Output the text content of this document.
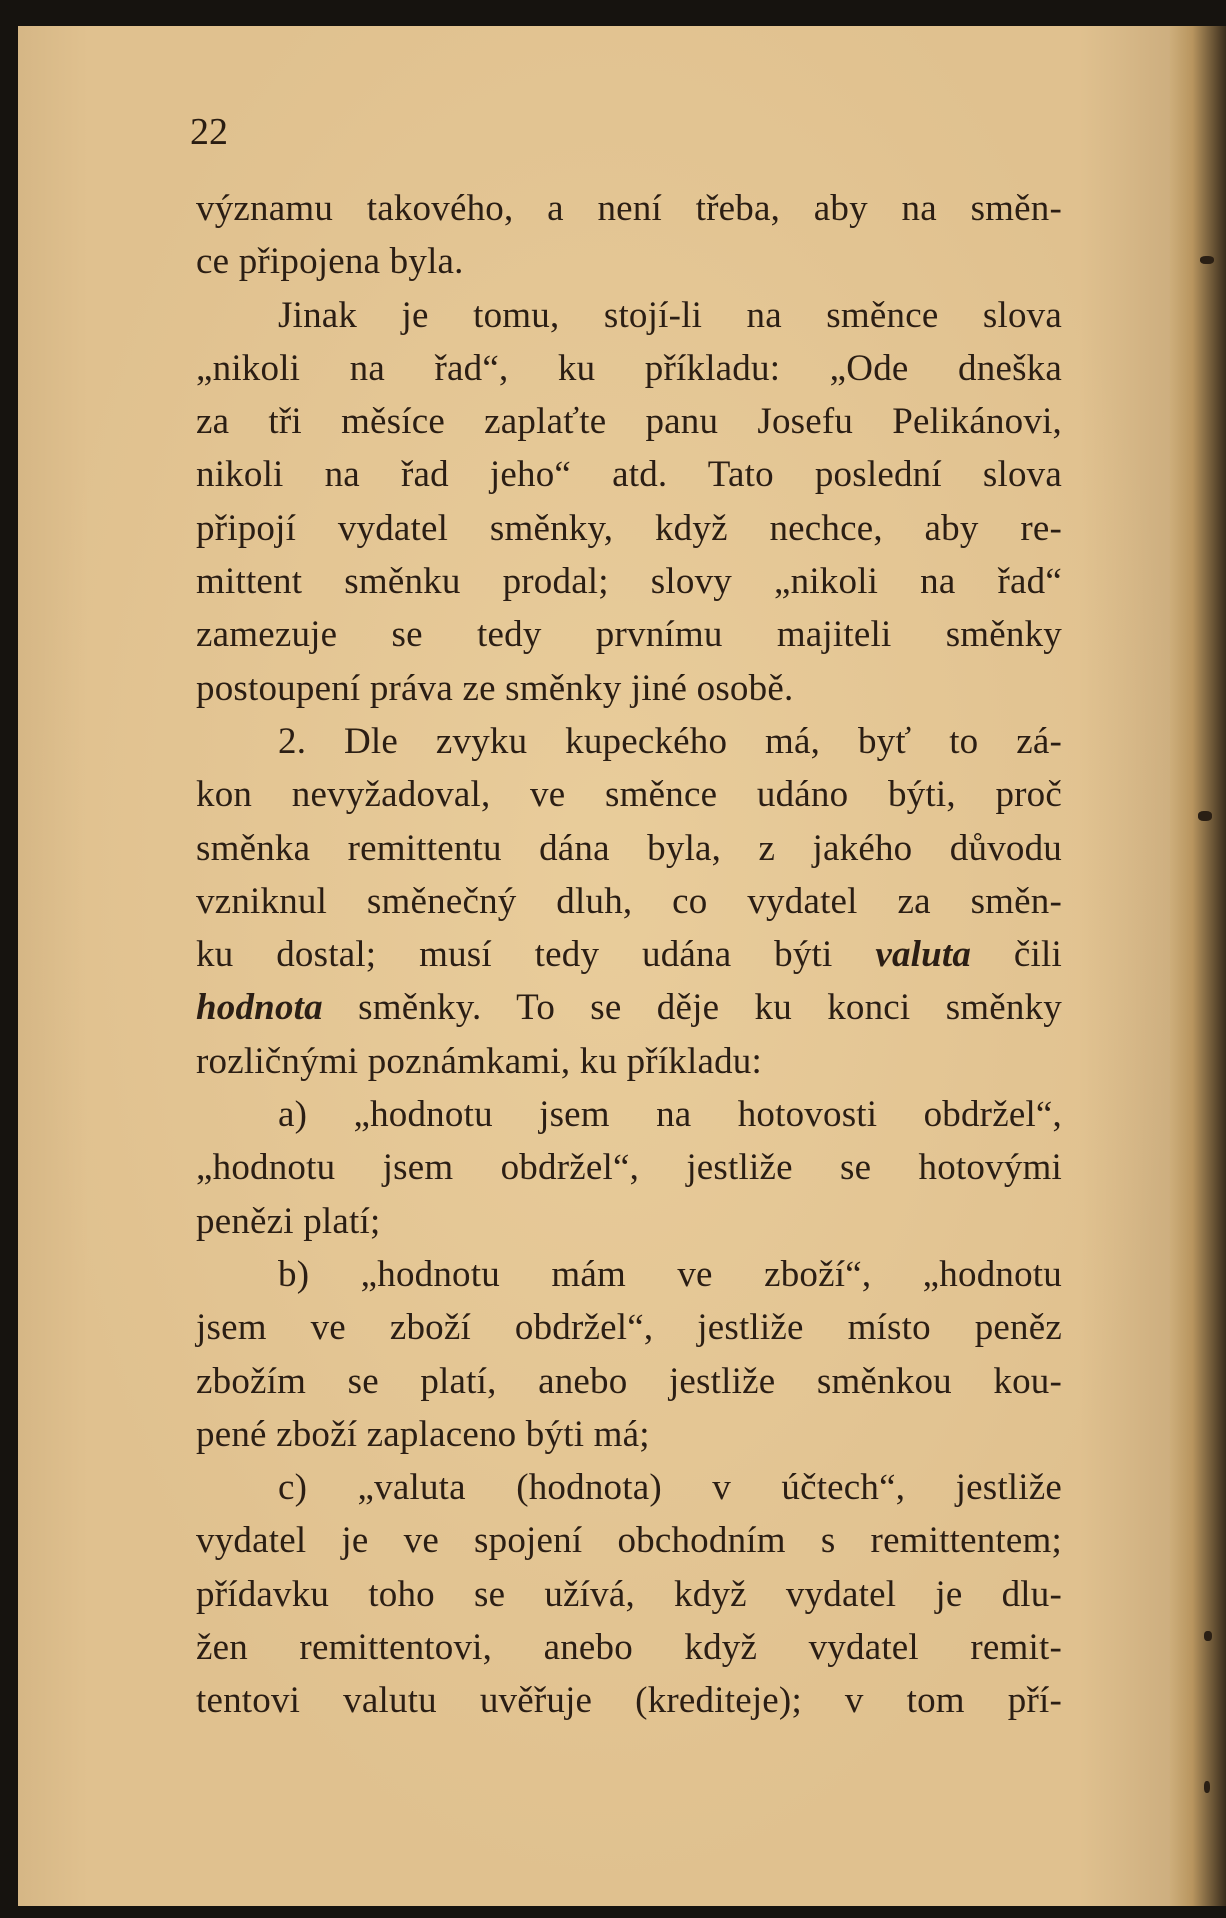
22
významu takového, a není třeba, aby na směn-
ce připojena byla.
Jinak je tomu, stojí-li na směnce slova
„nikoli na řad“, ku příkladu: „Ode dneška
za tři měsíce zaplaťte panu Josefu Pelikánovi,
nikoli na řad jeho“ atd. Tato poslední slova
připojí vydatel směnky, když nechce, aby re-
mittent směnku prodal; slovy „nikoli na řad“
zamezuje se tedy prvnímu majiteli směnky
postoupení práva ze směnky jiné osobě.
2. Dle zvyku kupeckého má, byť to zá-
kon nevyžadoval, ve směnce udáno býti, proč
směnka remittentu dána byla, z jakého důvodu
vzniknul směnečný dluh, co vydatel za směn-
ku dostal; musí tedy udána býti valuta čili
hodnota směnky. To se děje ku konci směnky
rozličnými poznámkami, ku příkladu:
a) „hodnotu jsem na hotovosti obdržel“,
„hodnotu jsem obdržel“, jestliže se hotovými
penězi platí;
b) „hodnotu mám ve zboží“, „hodnotu
jsem ve zboží obdržel“, jestliže místo peněz
zbožím se platí, anebo jestliže směnkou kou-
pené zboží zaplaceno býti má;
c) „valuta (hodnota) v účtech“, jestliže
vydatel je ve spojení obchodním s remittentem;
přídavku toho se užívá, když vydatel je dlu-
žen remittentovi, anebo když vydatel remit-
tentovi valutu uvěřuje (krediteje); v tom pří-
